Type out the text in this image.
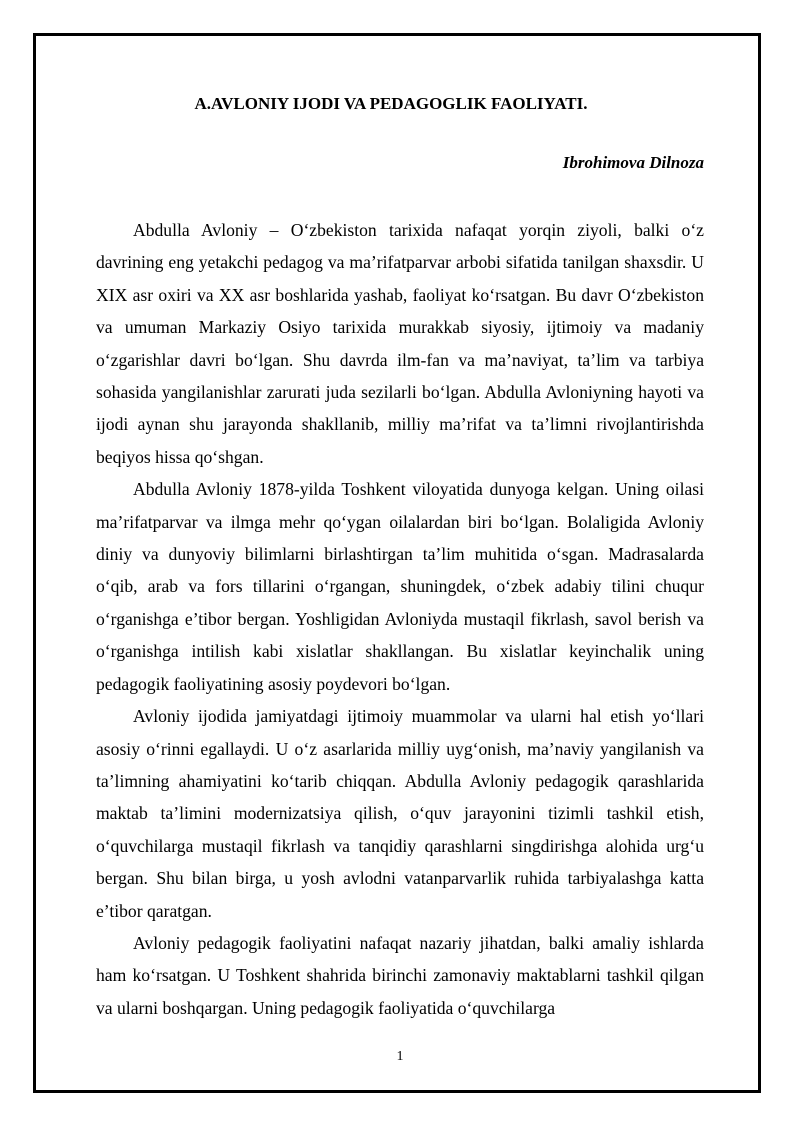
A.AVLONIY IJODI VA PEDAGOGLIK FAOLIYATI.
Ibrohimova Dilnoza

Abdulla Avloniy – O‘zbekiston tarixida nafaqat yorqin ziyoli, balki o‘z davrining eng yetakchi pedagog va ma’rifatparvar arbobi sifatida tanilgan shaxsdir. U XIX asr oxiri va XX asr boshlarida yashab, faoliyat ko‘rsatgan. Bu davr O‘zbekiston va umuman Markaziy Osiyo tarixida murakkab siyosiy, ijtimoiy va madaniy o‘zgarishlar davri bo‘lgan. Shu davrda ilm-fan va ma’naviyat, ta’lim va tarbiya sohasida yangilanishlar zarurati juda sezilarli bo‘lgan. Abdulla Avloniyning hayoti va ijodi aynan shu jarayonda shakllanib, milliy ma’rifat va ta’limni rivojlantirishda beqiyos hissa qo‘shgan.

Abdulla Avloniy 1878-yilda Toshkent viloyatida dunyoga kelgan. Uning oilasi ma’rifatparvar va ilmga mehr qo‘ygan oilalardan biri bo‘lgan. Bolaligida Avloniy diniy va dunyoviy bilimlarni birlashtirgan ta’lim muhitida o‘sgan. Madrasalarda o‘qib, arab va fors tillarini o‘rgangan, shuningdek, o‘zbek adabiy tilini chuqur o‘rganishga e’tibor bergan. Yoshligidan Avloniyda mustaqil fikrlash, savol berish va o‘rganishga intilish kabi xislatlar shakllangan. Bu xislatlar keyinchalik uning pedagogik faoliyatining asosiy poydevori bo‘lgan.

Avloniy ijodida jamiyatdagi ijtimoiy muammolar va ularni hal etish yo‘llari asosiy o‘rinni egallaydi. U o‘z asarlarida milliy uyg‘onish, ma’naviy yangilanish va ta’limning ahamiyatini ko‘tarib chiqqan. Abdulla Avloniy pedagogik qarashlarida maktab ta’limini modernizatsiya qilish, o‘quv jarayonini tizimli tashkil etish, o‘quvchilarga mustaqil fikrlash va tanqidiy qarashlarni singdirishga alohida urg‘u bergan. Shu bilan birga, u yosh avlodni vatanparvarlik ruhida tarbiyalashga katta e’tibor qaratgan.

Avloniy pedagogik faoliyatini nafaqat nazariy jihatdan, balki amaliy ishlarda ham ko‘rsatgan. U Toshkent shahrida birinchi zamonaviy maktablarni tashkil qilgan va ularni boshqargan. Uning pedagogik faoliyatida o‘quvchilarga

1
